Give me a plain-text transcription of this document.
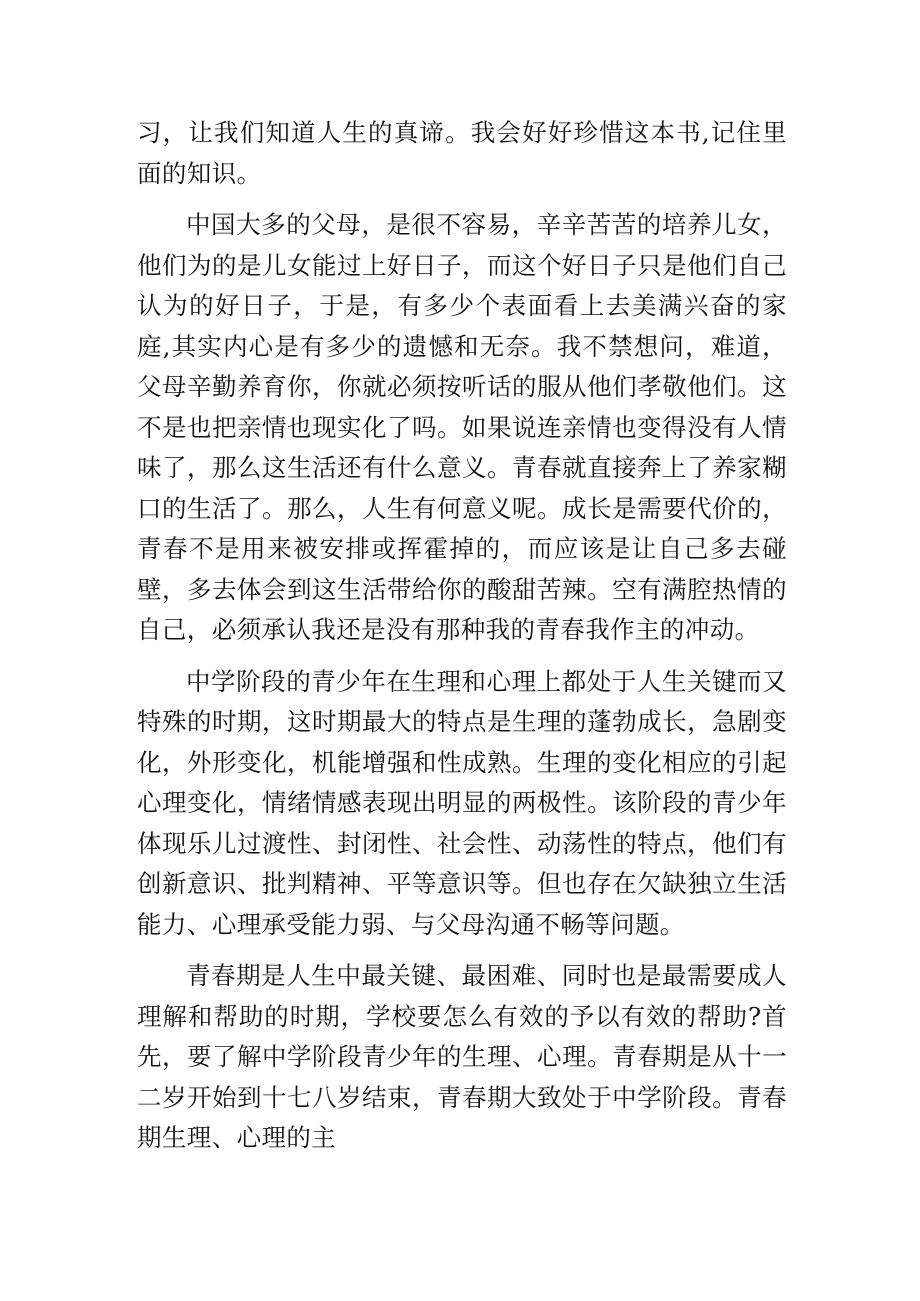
习，让我们知道人生的真谛。我会好好珍惜这本书,记住里面的知识。

中国大多的父母，是很不容易，辛辛苦苦的培养儿女，他们为的是儿女能过上好日子，而这个好日子只是他们自己认为的好日子，于是，有多少个表面看上去美满兴奋的家庭,其实内心是有多少的遗憾和无奈。我不禁想问，难道，父母辛勤养育你，你就必须按听话的服从他们孝敬他们。这不是也把亲情也现实化了吗。如果说连亲情也变得没有人情味了，那么这生活还有什么意义。青春就直接奔上了养家糊口的生活了。那么，人生有何意义呢。成长是需要代价的，青春不是用来被安排或挥霍掉的，而应该是让自己多去碰壁，多去体会到这生活带给你的酸甜苦辣。空有满腔热情的自己，必须承认我还是没有那种我的青春我作主的冲动。

中学阶段的青少年在生理和心理上都处于人生关键而又特殊的时期，这时期最大的特点是生理的蓬勃成长，急剧变化，外形变化，机能增强和性成熟。生理的变化相应的引起心理变化，情绪情感表现出明显的两极性。该阶段的青少年体现乐儿过渡性、封闭性、社会性、动荡性的特点，他们有创新意识、批判精神、平等意识等。但也存在欠缺独立生活能力、心理承受能力弱、与父母沟通不畅等问题。

青春期是人生中最关键、最困难、同时也是最需要成人理解和帮助的时期，学校要怎么有效的予以有效的帮助?首先，要了解中学阶段青少年的生理、心理。青春期是从十一二岁开始到十七八岁结束，青春期大致处于中学阶段。青春期生理、心理的主
